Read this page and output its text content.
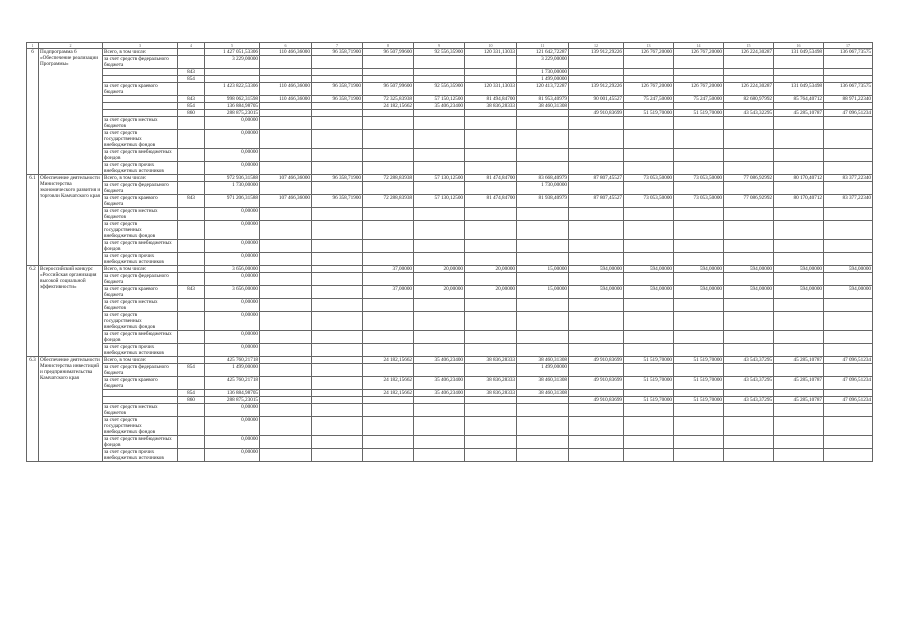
1	2	3	4	5	6	7	8	9	10	11	12	13	14	15	16	17
6	Подпрограмма 6 «Обеспечение реализации Программы»	Всего, в том числе:		1 427 051,53306	110 466,36000	96 358,71900	96 507,99600	92 556,35900	120 331,13033	121 642,72287	139 912,29226	126 767,20000	126 767,20000	126 224,30287	131 049,53498	136 067,73575
		за счет средств федерального бюджета		3 229,00000						3 229,00000						
			843							1 730,00000						
			854							1 499,00000						
		за счет средств краевого бюджета		1 423 822,53306	110 466,36000	96 358,71900	96 507,99600	92 556,35900	120 331,13033	120 413,72287	139 912,29226	126 767,20000	126 767,20000	126 224,30287	131 049,53498	136 067,73575
			843	998 062,31598	110 466,36000	96 358,71900	72 325,83938	57 150,12500	81 494,84700	81 953,40979	90 001,45527	75 247,50000	75 247,50000	82 680,97992	85 764,40712	88 971,22340
			854	136 884,98705			24 182,15662	35 406,23400	38 836,28333	38 460,31308						
			860	288 875,23015							49 910,83699	51 519,70000	51 519,70000	43 543,32295	45 285,10787	47 096,51234
		за счет средств местных бюджетов		0,00000												
		за счет средств государственных внебюджетных фондов		0,00000												
		за счет средств внебюджетных фондов		0,00000												
		за счет средств прочих внебюджетных источников		0,00000												
6.1	Обеспечение деятельности Министерства экономического развития и торговли Камчатского края	Всего, в том числе:		972 936,31588	107 466,36000	96 358,71900	72 288,83938	57 130,12500	81 474,84700	83 668,40979	87 807,45527	73 053,50000	73 053,50000	77 086,92992	80 170,40712	83 377,22340
		за счет средств федерального бюджета		1 730,00000						1 730,00000						
		за счет средств краевого бюджета	843	971 206,31588	107 466,36000	96 358,71900	72 288,83938	57 130,12500	81 474,84700	81 938,40979	87 807,45527	73 053,50000	73 053,50000	77 086,92992	80 170,40712	83 377,22340
		за счет средств местных бюджетов		0,00000												
		за счет средств государственных внебюджетных фондов		0,00000												
		за счет средств внебюджетных фондов		0,00000												
		за счет средств прочих внебюджетных источников		0,00000												
6.2	Всероссийский конкурс «Российская организация высокой социальной эффективности»	Всего, в том числе:		3 656,00000			37,00000	20,00000	20,00000	15,00000	594,00000	594,00000	594,00000	594,00000	594,00000	594,00000
		за счет средств федерального бюджета		0,00000												
		за счет средств краевого бюджета	843	3 656,00000			37,00000	20,00000	20,00000	15,00000	594,00000	594,00000	594,00000	594,00000	594,00000	594,00000
		за счет средств местных бюджетов		0,00000												
		за счет средств государственных внебюджетных фондов		0,00000												
		за счет средств внебюджетных фондов		0,00000												
		за счет средств прочих внебюджетных источников		0,00000												
6.3	Обеспечение деятельности Министерства инвестиций и предпринимательства Камчатского края	Всего, в том числе:		425 760,21718			24 182,15662	35 406,23400	38 836,28333	38 460,31308	49 910,83699	51 519,70000	51 519,70000	43 543,37295	45 285,10787	47 096,51234
		за счет средств федерального бюджета	854	1 499,00000						1 499,00000						
		за счет средств краевого бюджета		425 760,21718			24 182,15662	35 406,23400	38 836,28333	38 460,31308	49 910,83699	51 519,70000	51 519,70000	43 543,37295	45 285,10787	47 096,51234
			854	136 884,98705			24 182,15662	35 406,23400	38 836,28333	38 460,31308						
			860	288 875,23015							49 910,83699	51 519,70000	51 519,70000	43 543,37295	45 285,10787	47 096,51234
		за счет средств местных бюджетов		0,00000												
		за счет средств государственных внебюджетных фондов		0,00000												
		за счет средств внебюджетных фондов		0,00000												
		за счет средств прочих внебюджетных источников		0,00000												
